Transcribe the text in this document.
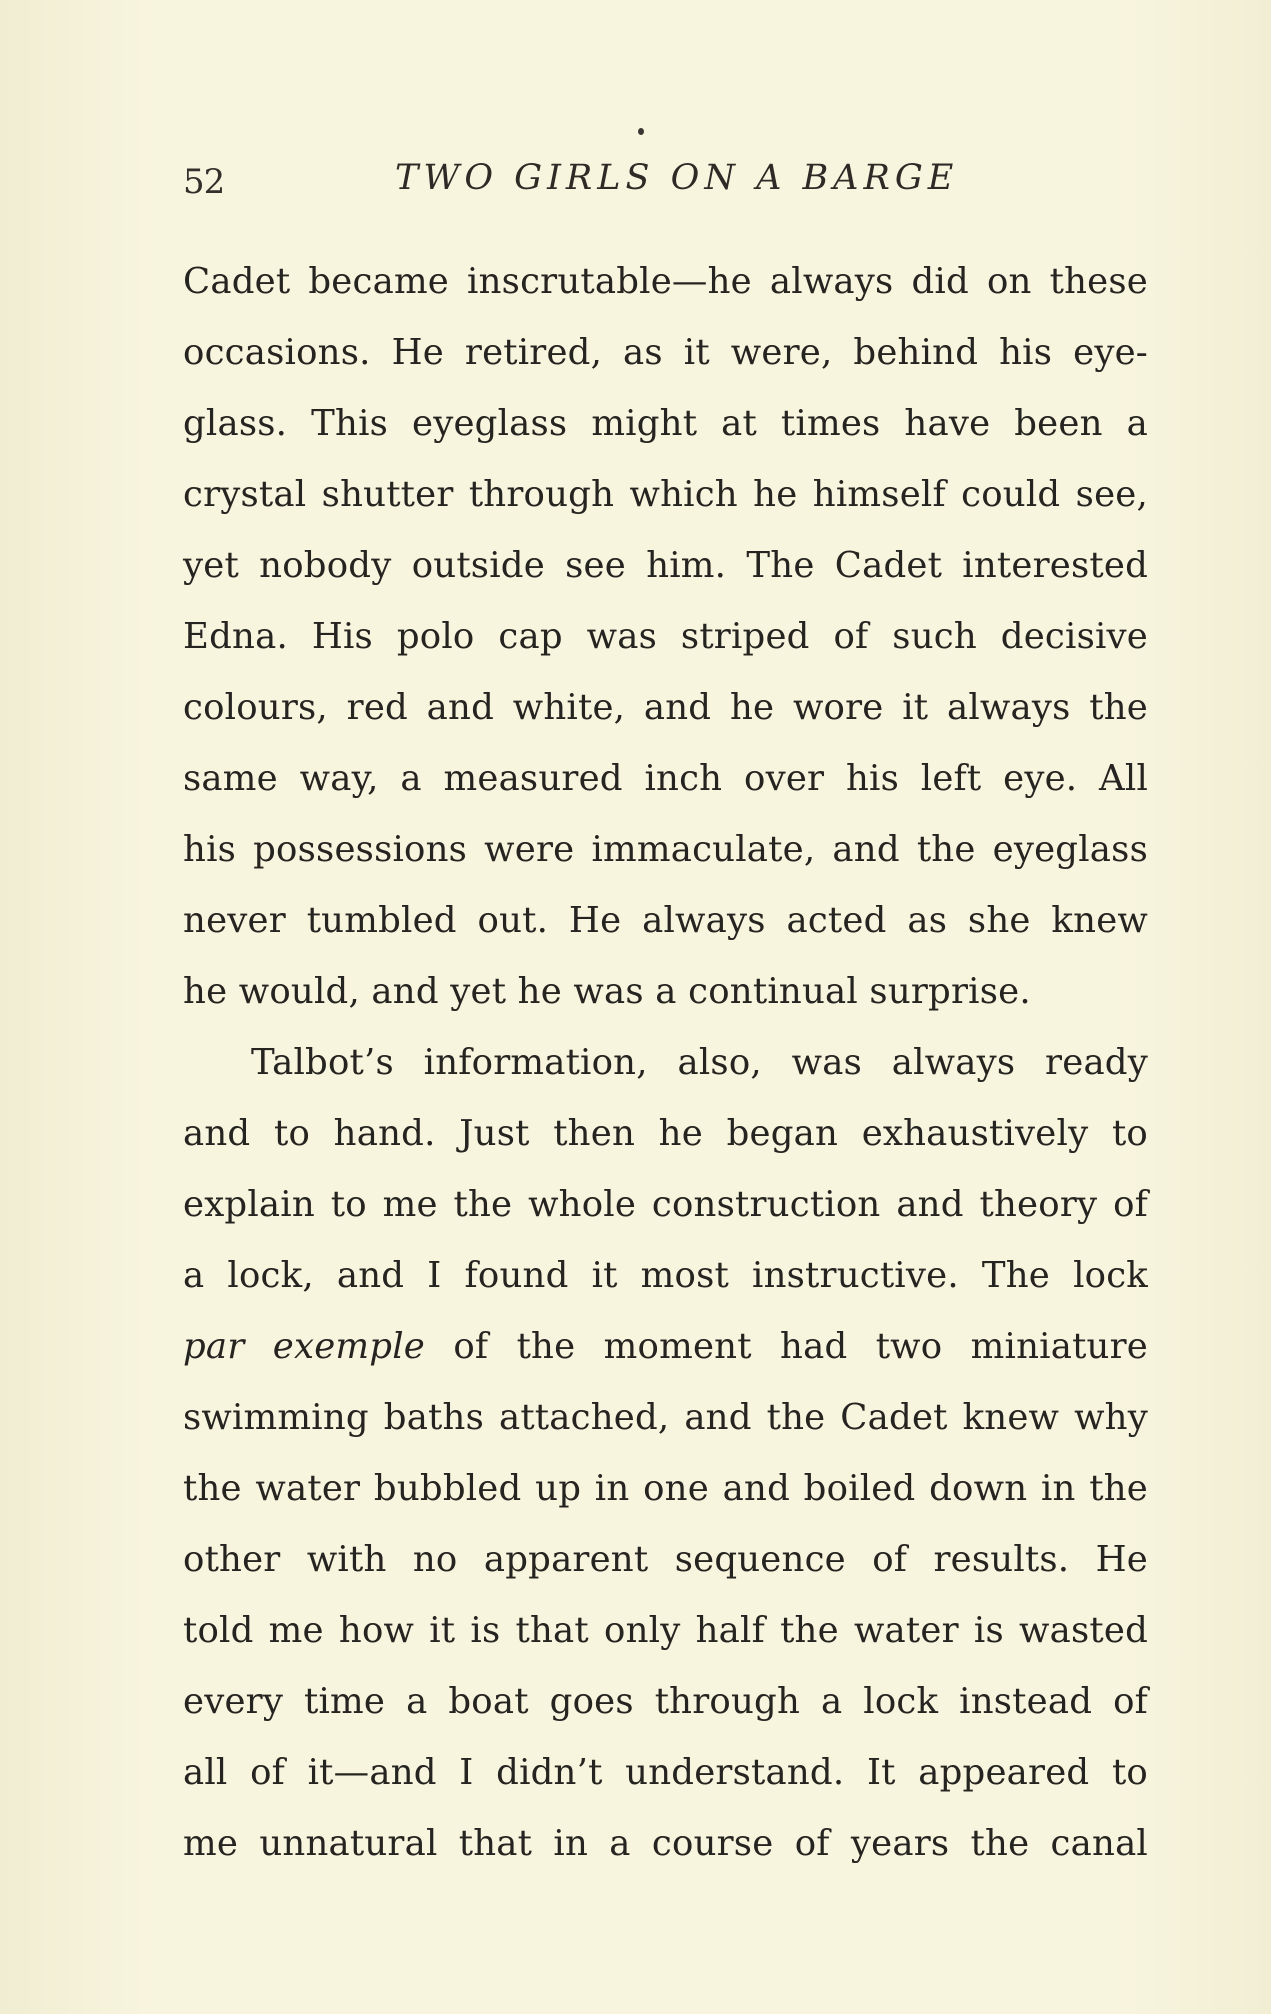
52	TWO GIRLS ON A BARGE
Cadet became inscrutable—he always did on these
occasions. He retired, as it were, behind his eye-
glass. This eyeglass might at times have been a
crystal shutter through which he himself could see,
yet nobody outside see him. The Cadet interested
Edna. His polo cap was striped of such decisive
colours, red and white, and he wore it always the
same way, a measured inch over his left eye. All
his possessions were immaculate, and the eyeglass
never tumbled out. He always acted as she knew
he would, and yet he was a continual surprise.
Talbot’s information, also, was always ready
and to hand. Just then he began exhaustively to
explain to me the whole construction and theory of
a lock, and I found it most instructive. The lock
par exemple of the moment had two miniature
swimming baths attached, and the Cadet knew why
the water bubbled up in one and boiled down in the
other with no apparent sequence of results. He
told me how it is that only half the water is wasted
every time a boat goes through a lock instead of
all of it—and I didn’t understand. It appeared to
me unnatural that in a course of years the canal
